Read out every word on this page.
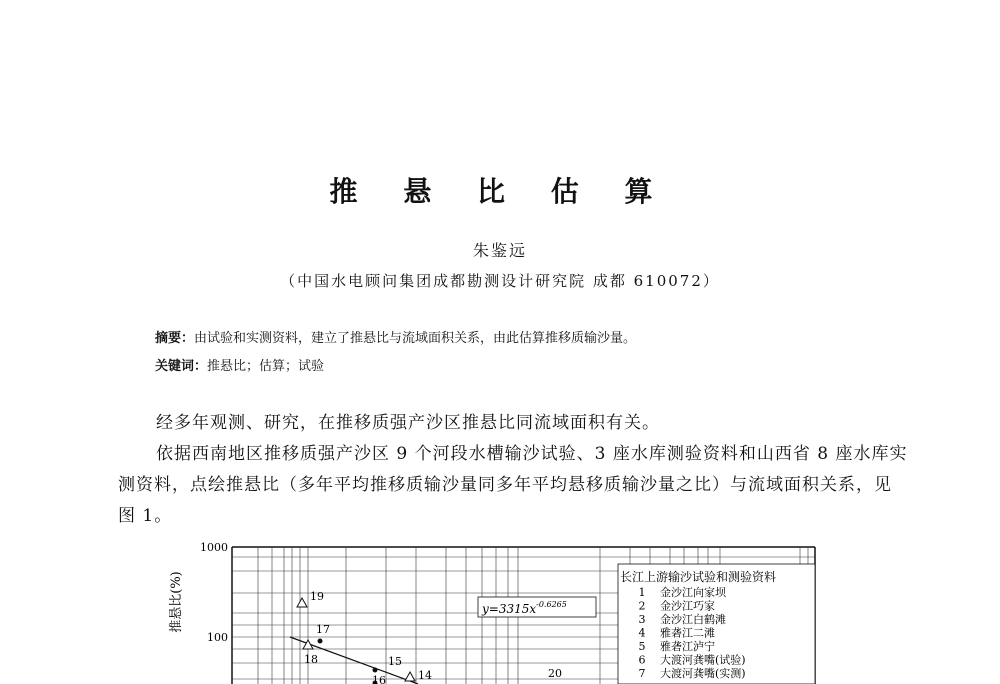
推 悬 比 估 算
朱鉴远
（中国水电顾问集团成都勘测设计研究院 成都 610072）
摘要：由试验和实测资料，建立了推悬比与流域面积关系，由此估算推移质输沙量。
关键词：推悬比；估算；试验

经多年观测、研究，在推移质强产沙区推悬比同流域面积有关。

依据西南地区推移质强产沙区 9 个河段水槽输沙试验、3 座水库测验资料和山西省 8 座水库实测资料，点绘推悬比（多年平均推移质输沙量同多年平均悬移质输沙量之比）与流域面积关系，见图 1。

推悬比(%)
1000
100
$y=3315x^{-0.6265}$
19
17
18	15
14	20
16
长江上游输沙试验和测验资料
1 金沙江向家坝
2 金沙江巧家
3 金沙江白鹤滩
4 雅砻江二滩
5 雅砻江泸宁
6 大渡河龚嘴(试验)
7 大渡河龚嘴(实测)
